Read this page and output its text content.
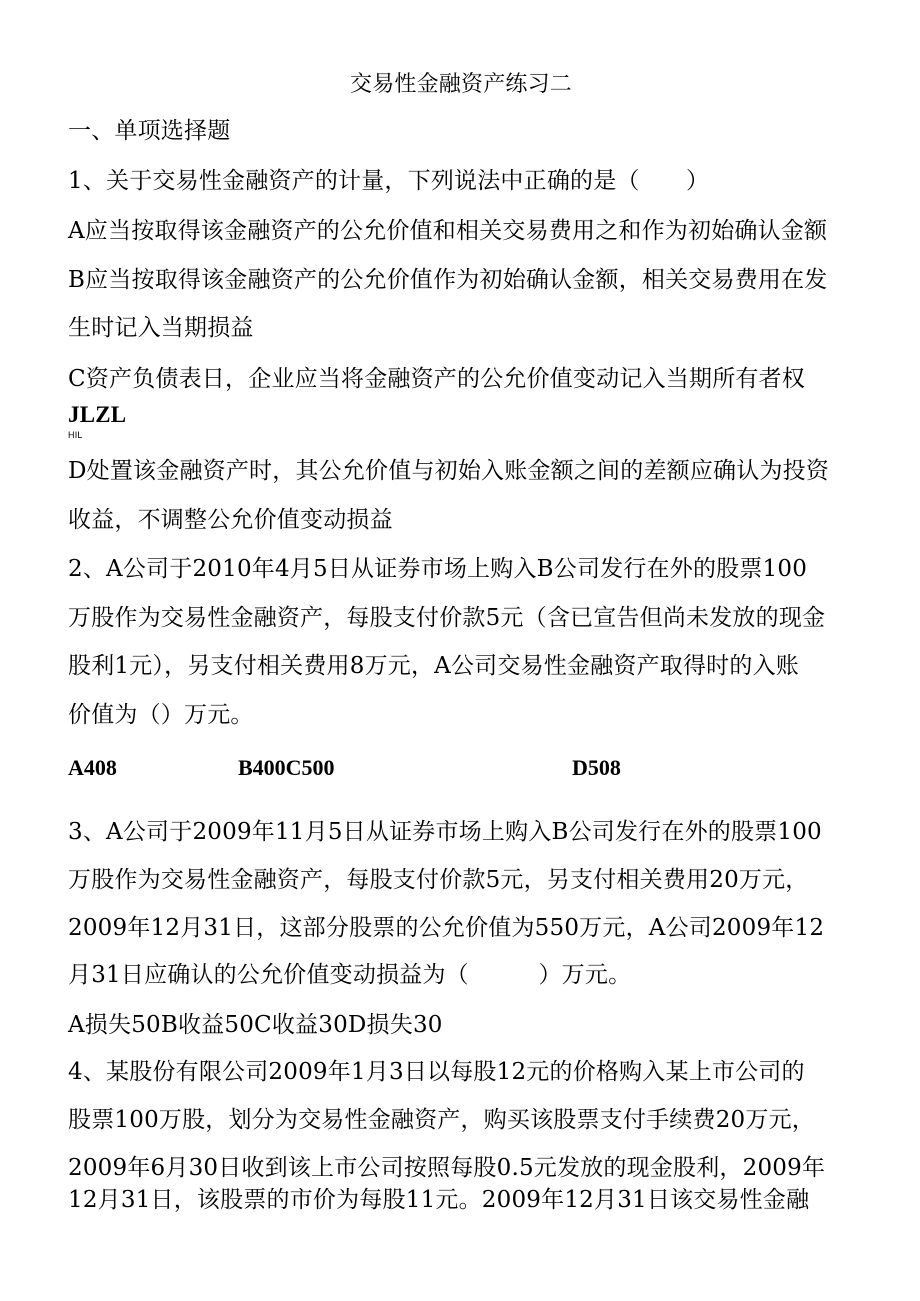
交易性金融资产练习二
一、单项选择题
1、关于交易性金融资产的计量，下列说法中正确的是（　　）
A应当按取得该金融资产的公允价值和相关交易费用之和作为初始确认金额
B应当按取得该金融资产的公允价值作为初始确认金额，相关交易费用在发
生时记入当期损益
C资产负债表日，企业应当将金融资产的公允价值变动记入当期所有者权
JLZL
HIL
D处置该金融资产时，其公允价值与初始入账金额之间的差额应确认为投资
收益，不调整公允价值变动损益
2、A公司于2010年4月5日从证券市场上购入B公司发行在外的股票100
万股作为交易性金融资产，每股支付价款5元（含已宣告但尚未发放的现金
股利1元），另支付相关费用8万元，A公司交易性金融资产取得时的入账
价值为（）万元。
A408	B400C500	D508
3、A公司于2009年11月5日从证券市场上购入B公司发行在外的股票100
万股作为交易性金融资产，每股支付价款5元，另支付相关费用20万元，
2009年12月31日，这部分股票的公允价值为550万元，A公司2009年12
月31日应确认的公允价值变动损益为（　　　）万元。
A损失50B收益50C收益30D损失30
4、某股份有限公司2009年1月3日以每股12元的价格购入某上市公司的
股票100万股，划分为交易性金融资产，购买该股票支付手续费20万元，
2009年6月30日收到该上市公司按照每股0.5元发放的现金股利，2009年
12月31日，该股票的市价为每股11元。2009年12月31日该交易性金融
